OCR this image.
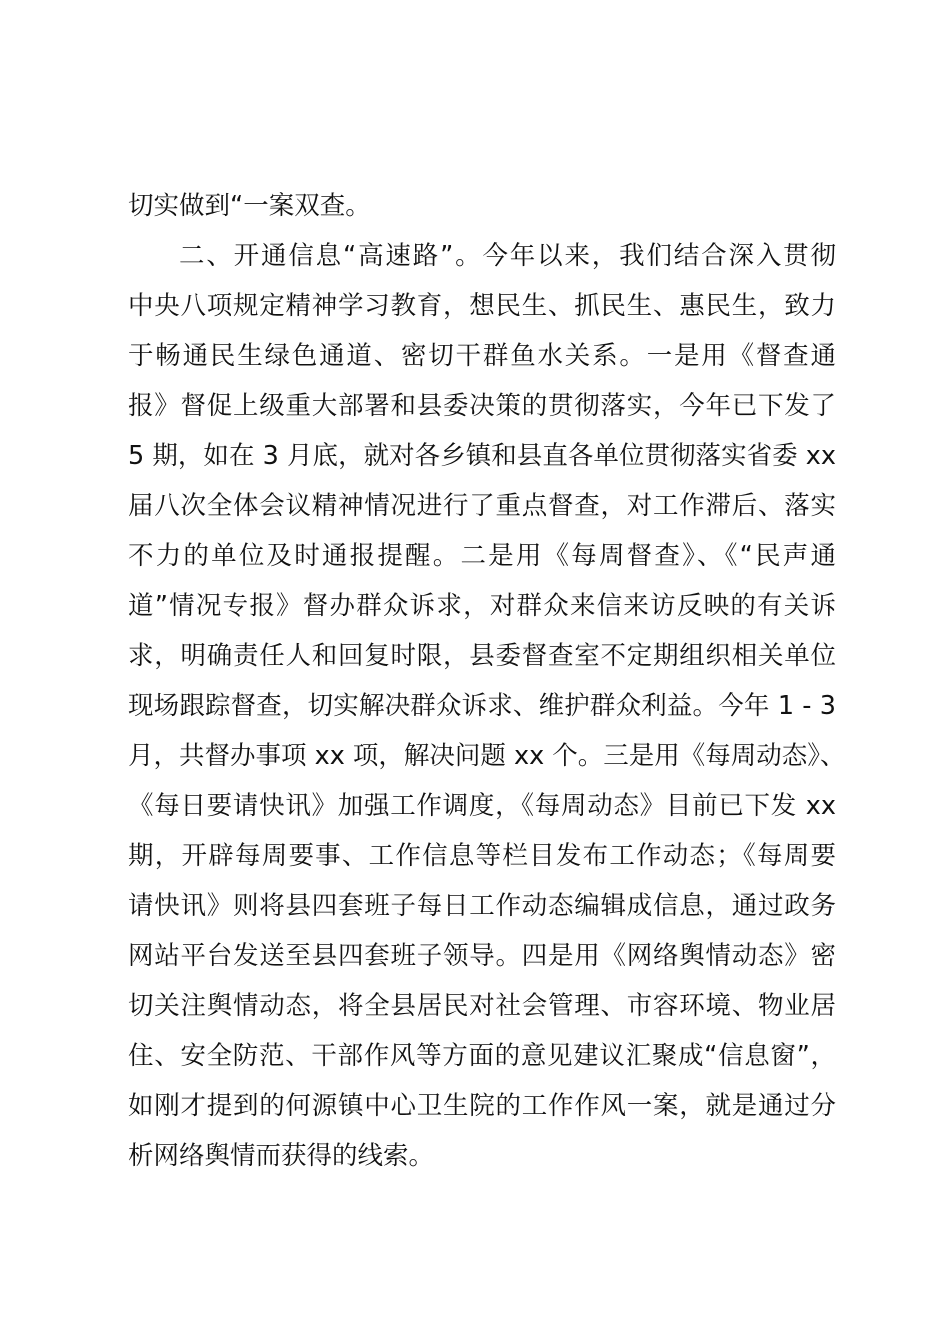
切实做到“一案双查。
二、开通信息“高速路”。今年以来，我们结合深入贯彻
中央八项规定精神学习教育，想民生、抓民生、惠民生，致力
于畅通民生绿色通道、密切干群鱼水关系。一是用《督查通
报》督促上级重大部署和县委决策的贯彻落实，今年已下发了
5 期，如在 3 月底，就对各乡镇和县直各单位贯彻落实省委 xx
届八次全体会议精神情况进行了重点督查，对工作滞后、落实
不力的单位及时通报提醒。二是用《每周督查》、《“民声通
道”情况专报》督办群众诉求，对群众来信来访反映的有关诉
求，明确责任人和回复时限，县委督查室不定期组织相关单位
现场跟踪督查，切实解决群众诉求、维护群众利益。今年 1 - 3
月，共督办事项 xx 项，解决问题 xx 个。三是用《每周动态》、
《每日要请快讯》加强工作调度，《每周动态》目前已下发 xx
期，开辟每周要事、工作信息等栏目发布工作动态；《每周要
请快讯》则将县四套班子每日工作动态编辑成信息，通过政务
网站平台发送至县四套班子领导。四是用《网络舆情动态》密
切关注舆情动态，将全县居民对社会管理、市容环境、物业居
住、安全防范、干部作风等方面的意见建议汇聚成“信息窗”，
如刚才提到的何源镇中心卫生院的工作作风一案，就是通过分
析网络舆情而获得的线索。
